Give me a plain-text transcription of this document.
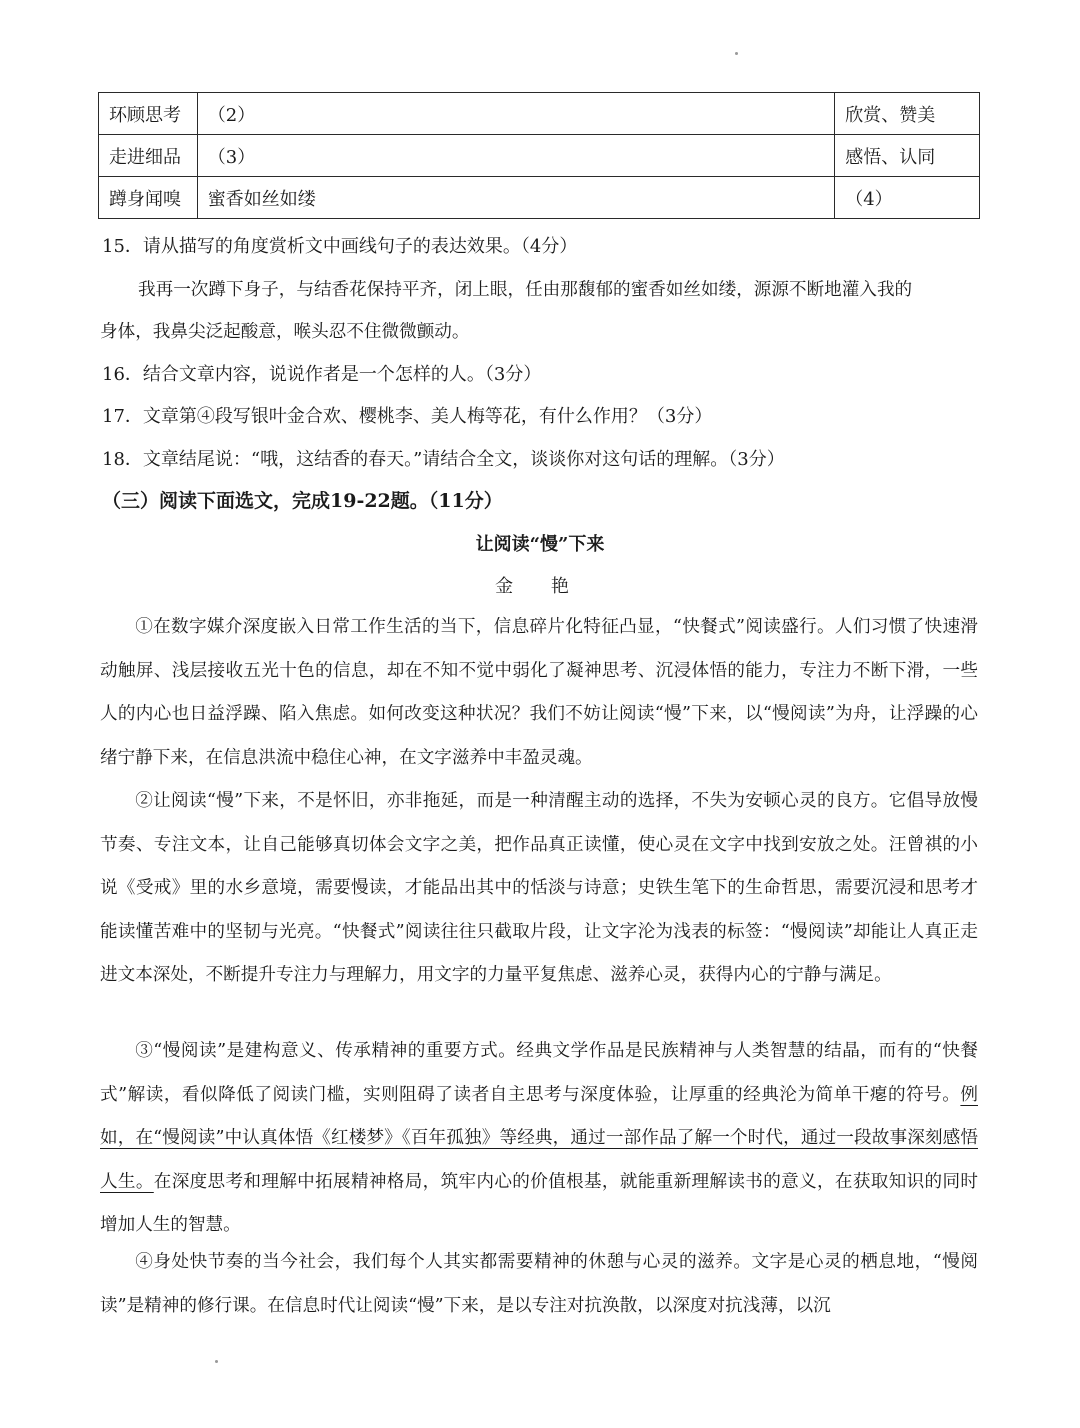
环顾思考	（2）	欣赏、赞美
走进细品	（3）	感悟、认同
蹲身闻嗅	蜜香如丝如缕	（4）
15．请从描写的角度赏析文中画线句子的表达效果。（4分）
我再一次蹲下身子，与结香花保持平齐，闭上眼，任由那馥郁的蜜香如丝如缕，源源不断地灌入我的
身体，我鼻尖泛起酸意，喉头忍不住微微颤动。
16．结合文章内容，说说作者是一个怎样的人。（3分）
17．文章第④段写银叶金合欢、樱桃李、美人梅等花，有什么作用？（3分）
18．文章结尾说：“哦，这结香的春天。”请结合全文，谈谈你对这句话的理解。（3分）
（三）阅读下面选文，完成19-22题。（11分）
让阅读“慢”下来
金 艳

①在数字媒介深度嵌入日常工作生活的当下，信息碎片化特征凸显，“快餐式”阅读盛行。人们习惯了快速滑动触屏、浅层接收五光十色的信息，却在不知不觉中弱化了凝神思考、沉浸体悟的能力，专注力不断下滑，一些人的内心也日益浮躁、陷入焦虑。如何改变这种状况？我们不妨让阅读“慢”下来，以“慢阅读”为舟，让浮躁的心绪宁静下来，在信息洪流中稳住心神，在文字滋养中丰盈灵魂。

②让阅读“慢”下来，不是怀旧，亦非拖延，而是一种清醒主动的选择，不失为安顿心灵的良方。它倡导放慢节奏、专注文本，让自己能够真切体会文字之美，把作品真正读懂，使心灵在文字中找到安放之处。汪曾祺的小说《受戒》里的水乡意境，需要慢读，才能品出其中的恬淡与诗意；史铁生笔下的生命哲思，需要沉浸和思考才能读懂苦难中的坚韧与光亮。“快餐式”阅读往往只截取片段，让文字沦为浅表的标签：“慢阅读”却能让人真正走进文本深处，不断提升专注力与理解力，用文字的力量平复焦虑、滋养心灵，获得内心的宁静与满足。

③“慢阅读”是建构意义、传承精神的重要方式。经典文学作品是民族精神与人类智慧的结晶，而有的“快餐式”解读，看似降低了阅读门槛，实则阻碍了读者自主思考与深度体验，让厚重的经典沦为简单干瘪的符号。例如，在“慢阅读”中认真体悟《红楼梦》《百年孤独》等经典，通过一部作品了解一个时代，通过一段故事深刻感悟人生。在深度思考和理解中拓展精神格局，筑牢内心的价值根基，就能重新理解读书的意义，在获取知识的同时增加人生的智慧。

④身处快节奏的当今社会，我们每个人其实都需要精神的休憩与心灵的滋养。文字是心灵的栖息地，“慢阅读”是精神的修行课。在信息时代让阅读“慢”下来，是以专注对抗涣散，以深度对抗浅薄，以沉
